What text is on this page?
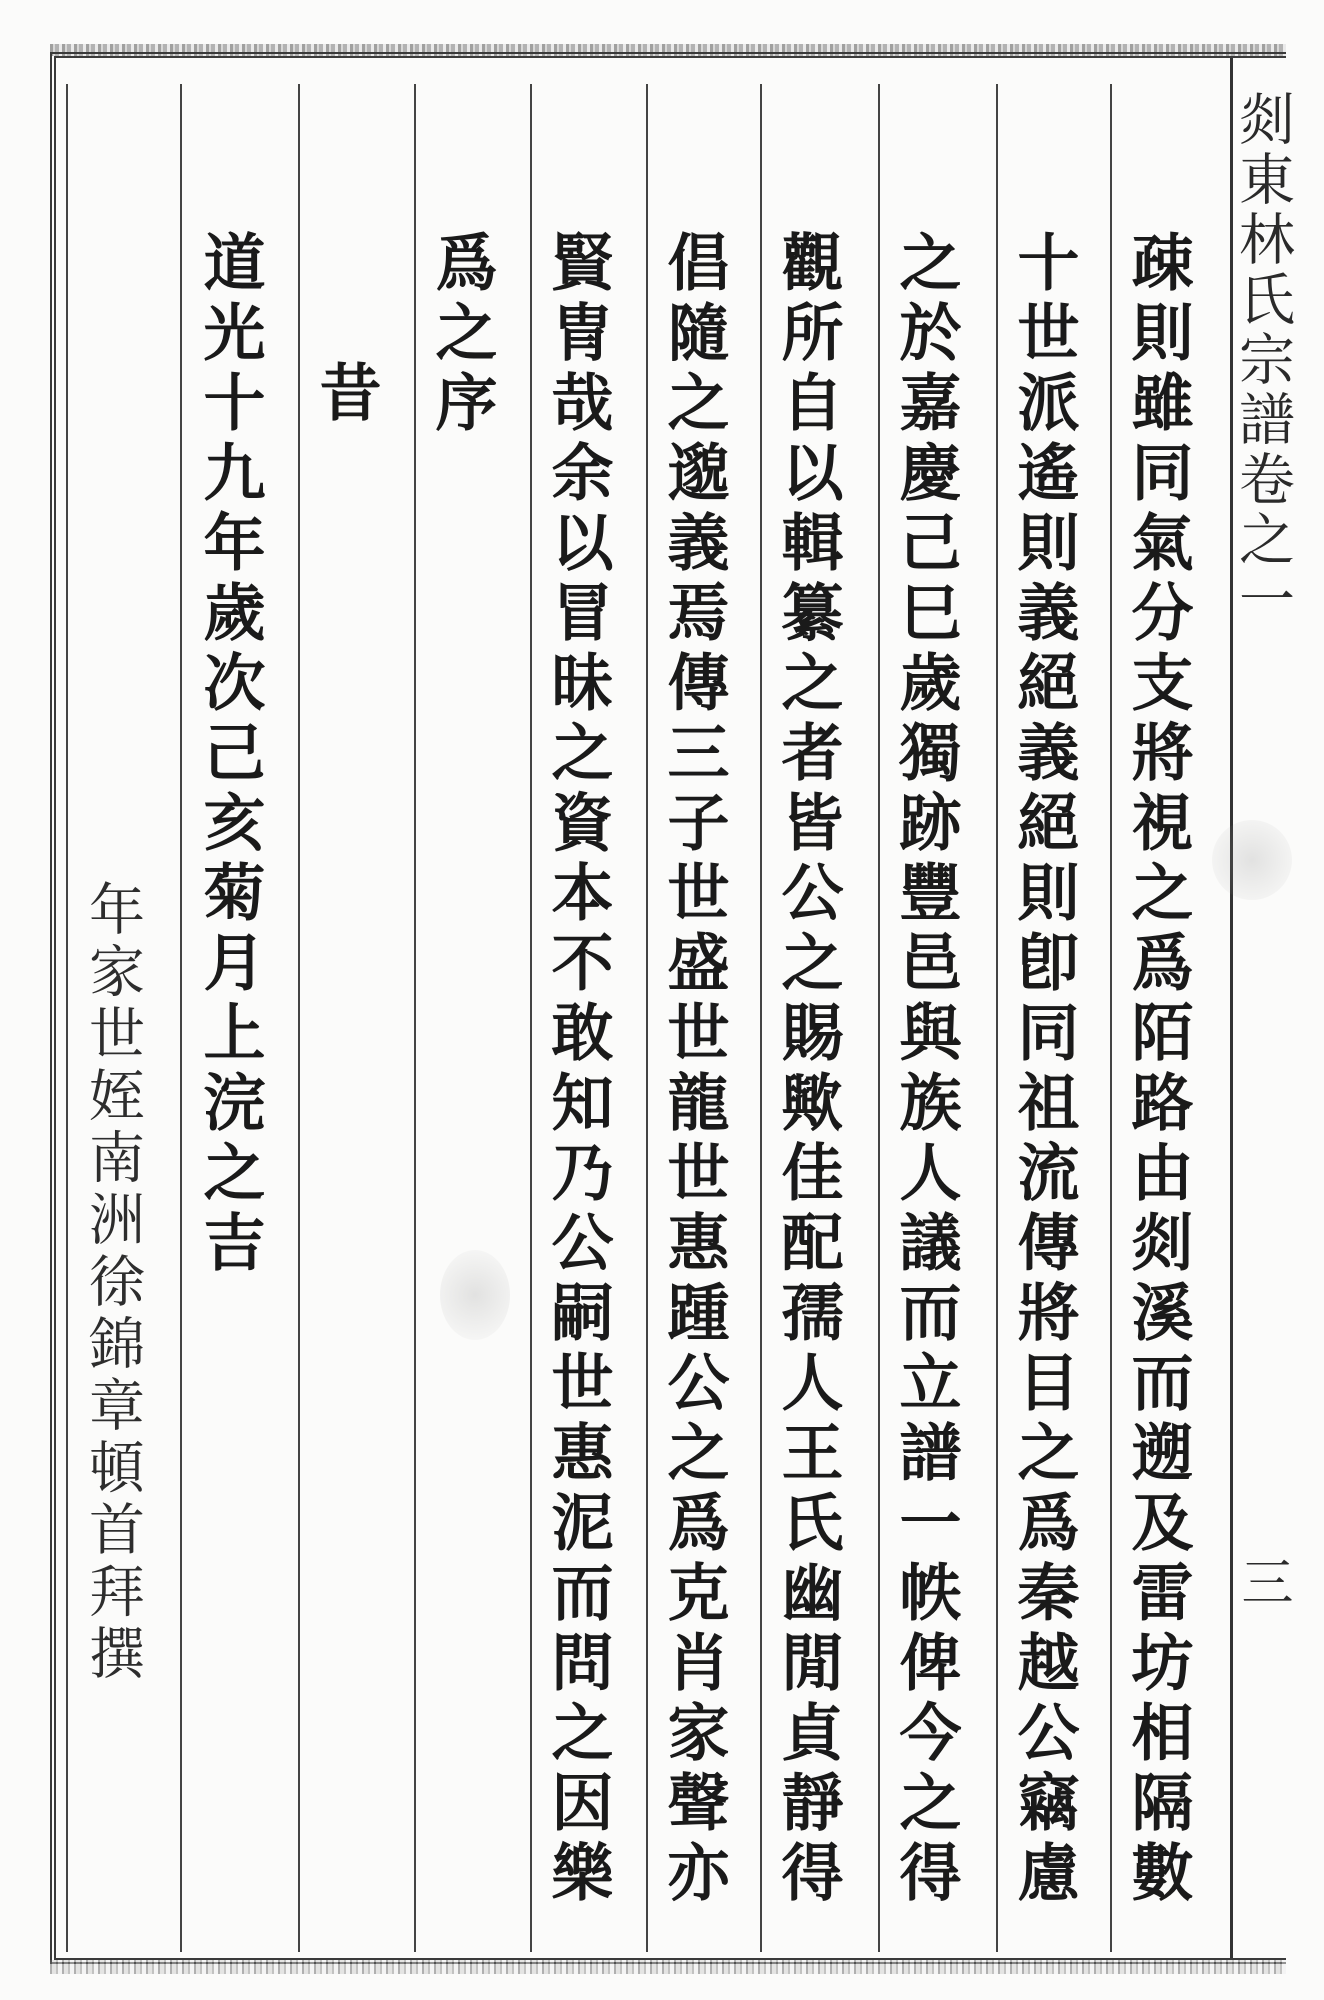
剡東林氏宗譜卷之一
三
疎則雖同氣分支將視之爲陌路由剡溪而遡及雷坊相隔數
十世派遙則義絕義絕則卽同祖流傳將目之爲秦越公竊慮
之於嘉慶己巳歲獨跡豐邑與族人議而立譜一帙俾今之得
觀所自以輯纂之者皆公之賜歟佳配孺人王氏幽閒貞靜得
倡隨之邈義焉傳三子世盛世龍世惠踵公之爲克肖家聲亦
賢冑哉余以冒昧之資本不敢知乃公嗣世惠泥而問之因樂
爲之序
昔
道光十九年歲次己亥菊月上浣之吉
年家世姪南洲徐錦章頓首拜撰
